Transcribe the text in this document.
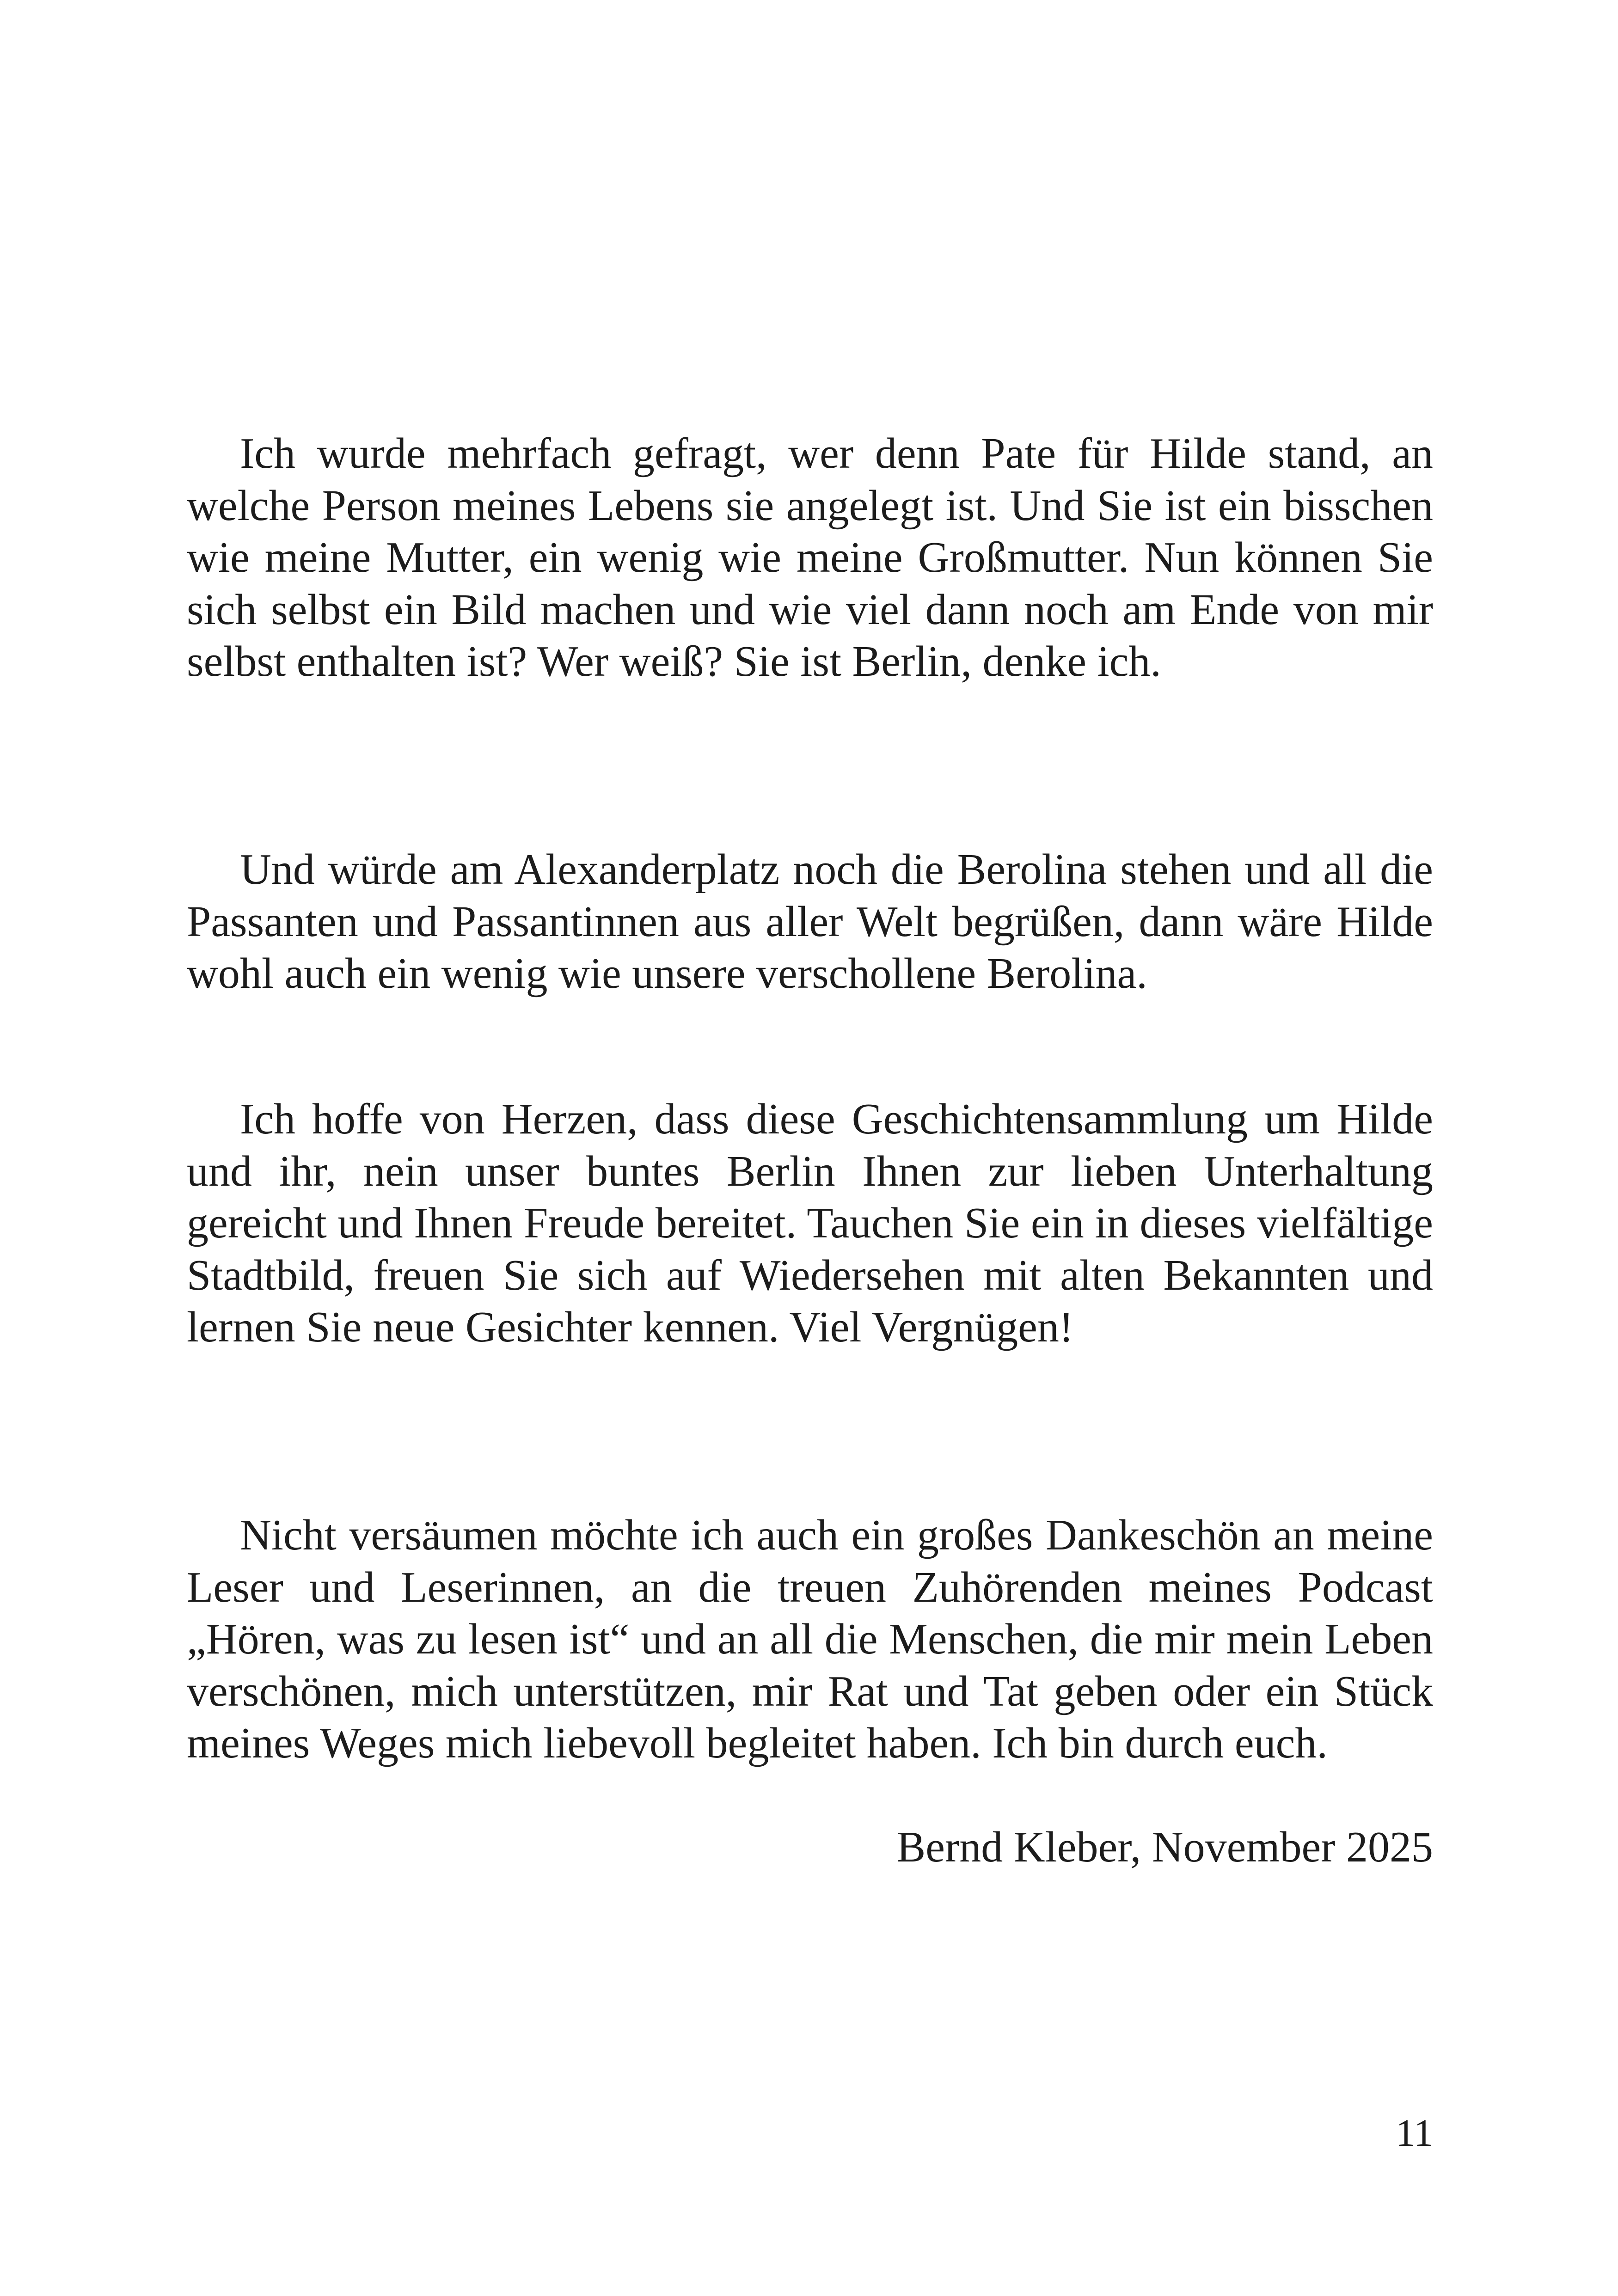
Ich wurde mehrfach gefragt, wer denn Pate für Hilde stand, an welche Person meines Lebens sie angelegt ist. Und Sie ist ein bisschen wie meine Mutter, ein wenig wie meine Großmutter. Nun können Sie sich selbst ein Bild machen und wie viel dann noch am Ende von mir selbst enthalten ist? Wer weiß? Sie ist Berlin, denke ich.

Und würde am Alexanderplatz noch die Berolina stehen und all die Passanten und Passantinnen aus aller Welt begrüßen, dann wäre Hilde wohl auch ein wenig wie unsere verschollene Berolina.

Ich hoffe von Herzen, dass diese Geschichtensammlung um Hilde und ihr, nein unser buntes Berlin Ihnen zur lieben Unterhaltung gereicht und Ihnen Freude bereitet. Tauchen Sie ein in dieses vielfältige Stadtbild, freuen Sie sich auf Wiedersehen mit alten Bekannten und lernen Sie neue Gesichter kennen. Viel Vergnügen!

Nicht versäumen möchte ich auch ein großes Dankeschön an meine Leser und Leserinnen, an die treuen Zuhörenden meines Podcast „Hören, was zu lesen ist“ und an all die Menschen, die mir mein Leben verschönen, mich unterstützen, mir Rat und Tat geben oder ein Stück meines Weges mich liebevoll begleitet haben. Ich bin durch euch.

Bernd Kleber, November 2025

11
